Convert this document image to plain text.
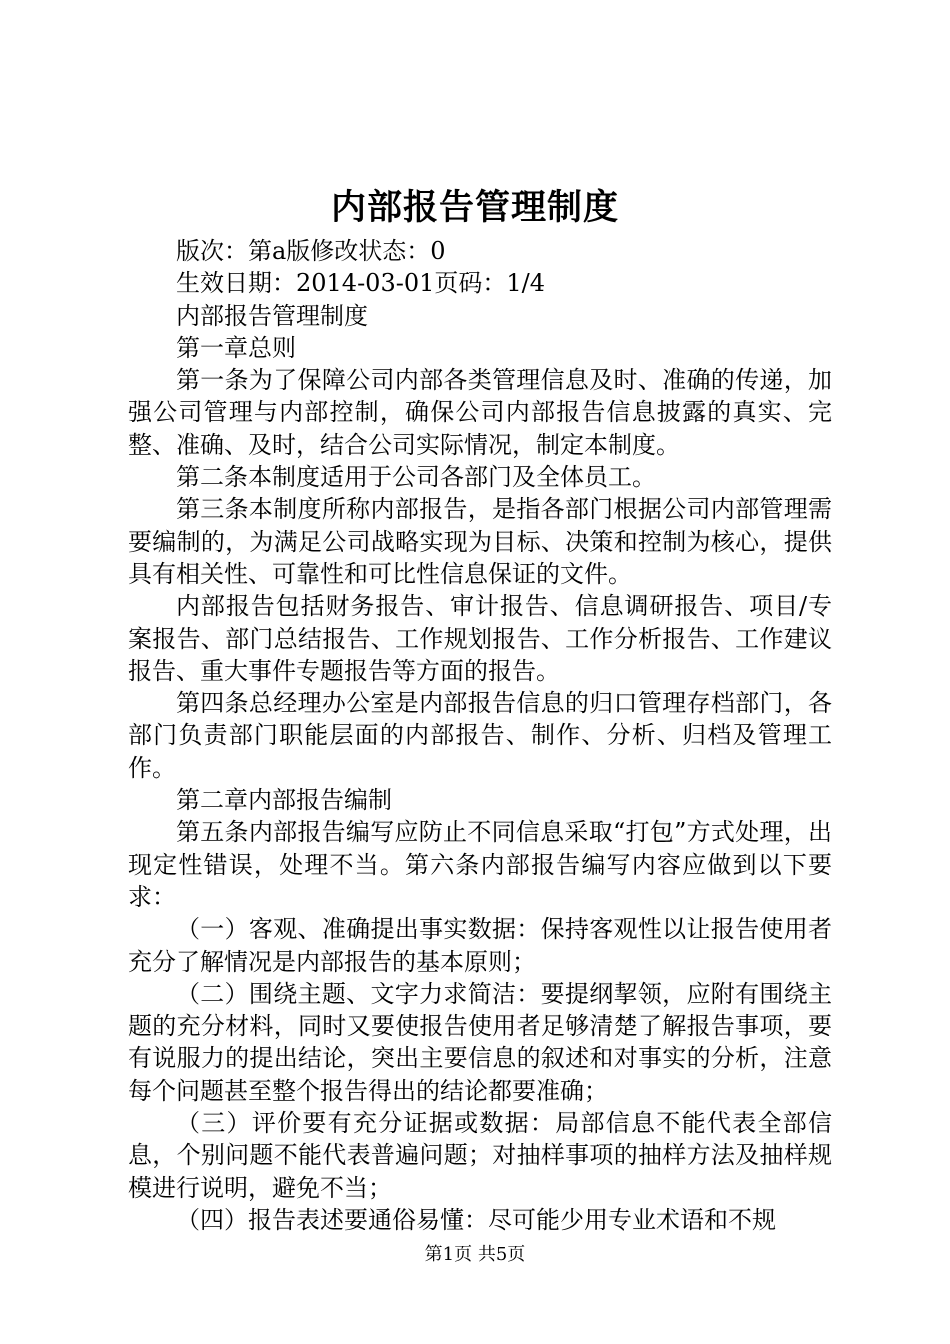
内部报告管理制度

版次：第a版修改状态：0

生效日期：2014-03-01页码：1/4

内部报告管理制度

第一章总则

第一条为了保障公司内部各类管理信息及时、准确的传递，加强公司管理与内部控制，确保公司内部报告信息披露的真实、完整、准确、及时，结合公司实际情况，制定本制度。

第二条本制度适用于公司各部门及全体员工。

第三条本制度所称内部报告，是指各部门根据公司内部管理需要编制的，为满足公司战略实现为目标、决策和控制为核心，提供具有相关性、可靠性和可比性信息保证的文件。

内部报告包括财务报告、审计报告、信息调研报告、项目/专案报告、部门总结报告、工作规划报告、工作分析报告、工作建议报告、重大事件专题报告等方面的报告。

第四条总经理办公室是内部报告信息的归口管理存档部门，各部门负责部门职能层面的内部报告、制作、分析、归档及管理工作。

第二章内部报告编制

第五条内部报告编写应防止不同信息采取“打包”方式处理，出现定性错误，处理不当。第六条内部报告编写内容应做到以下要求：

（一）客观、准确提出事实数据：保持客观性以让报告使用者充分了解情况是内部报告的基本原则；

（二）围绕主题、文字力求简洁：要提纲挈领，应附有围绕主题的充分材料，同时又要使报告使用者足够清楚了解报告事项，要有说服力的提出结论，突出主要信息的叙述和对事实的分析，注意每个问题甚至整个报告得出的结论都要准确；

（三）评价要有充分证据或数据：局部信息不能代表全部信息，个别问题不能代表普遍问题；对抽样事项的抽样方法及抽样规模进行说明，避免不当；

（四）报告表述要通俗易懂：尽可能少用专业术语和不规

第1页 共5页
